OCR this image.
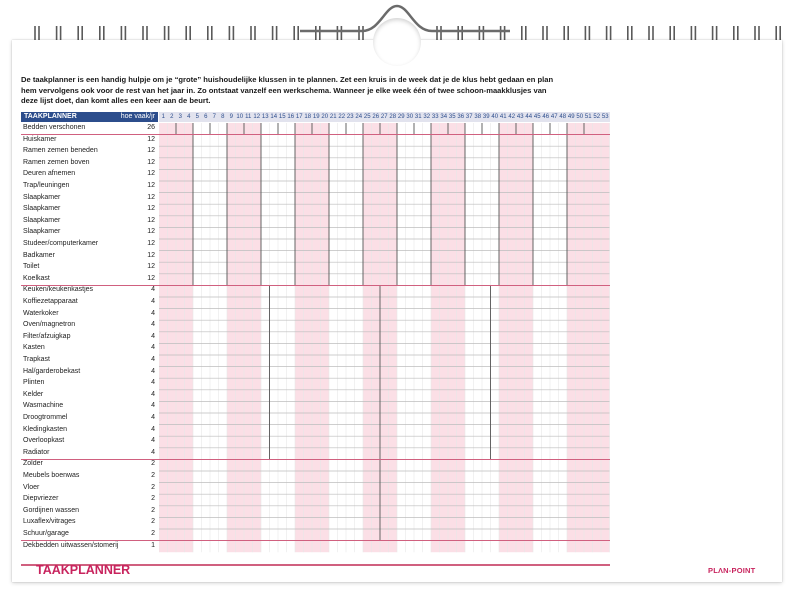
De taakplanner is een handig hulpje om je “grote” huishoudelijke klussen in te plannen. Zet een kruis in de week dat je de klus hebt gedaan en plan hem vervolgens ook voor de rest van het jaar in. Zo ontstaat vanzelf een werkschema. Wanneer je elke week één of twee schoon-maakklusjes van deze lijst doet, dan komt alles een keer aan de beurt.
TAAKPLANNER	hoe vaak/jr	1 2 3 4 5 6 7 8 9 10 11 12 13 14 15 16 17 18 19 20 21 22 23 24 25 26 27 28 29 30 31 32 33 34 35 36 37 38 39 40 41 42 43 44 45 46 47 48 49 50 51 52 53
Bedden verschonen	26
Huiskamer	12
Ramen zemen beneden	12
Ramen zemen boven	12
Deuren afnemen	12
Trap/leuningen	12
Slaapkamer	12
Slaapkamer	12
Slaapkamer	12
Slaapkamer	12
Studeer/computerkamer	12
Badkamer	12
Toilet	12
Koelkast	12
Keuken/keukenkastjes	4
Koffiezetapparaat	4
Waterkoker	4
Oven/magnetron	4
Filter/afzuigkap	4
Kasten	4
Trapkast	4
Hal/garderobekast	4
Plinten	4
Kelder	4
Wasmachine	4
Droogtrommel	4
Kledingkasten	4
Overloopkast	4
Radiator	4
Zolder	2
Meubels boenwas	2
Vloer	2
Diepvriezer	2
Gordijnen wassen	2
Luxaflex/vitrages	2
Schuur/garage	2
Dekbedden uitwassen/stomerij	1
TAAKPLANNER	PLΛN-POINT
